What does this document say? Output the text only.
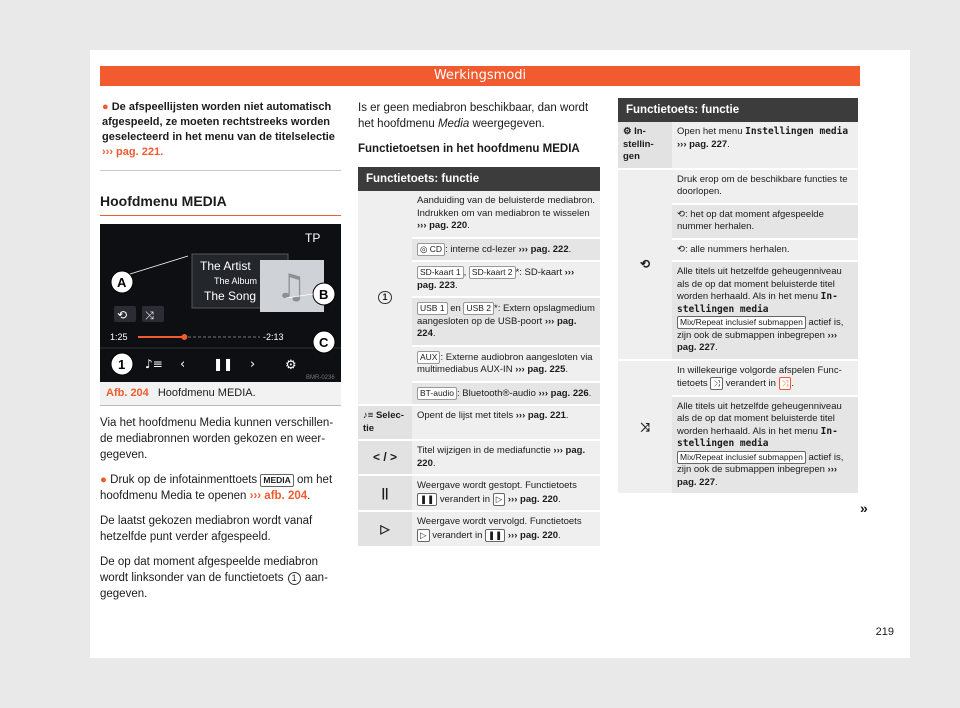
Werkingsmodi
● De afspeellijsten worden niet automatisch afgespeeld, ze moeten rechtstreeks worden geselecteerd in het menu van de titelselectie ››› pag. 221.
Hoofdmenu MEDIA
TP
♫
The Artist
The Album
The Song
⟲ ⤨
1:25	-2:13
♪≡ ‹ ❚❚ › ⚙
A
B
C
1
BMR-0236
Afb. 204 Hoofdmenu MEDIA.

Via het hoofdmenu Media kunnen verschillende mediabronnen worden gekozen en weergegeven.

● Druk op de infotainmenttoets MEDIA om het hoofdmenu Media te openen ››› afb. 204.

De laatst gekozen mediabron wordt vanaf hetzelfde punt verder afgespeeld.

De op dat moment afgespeelde mediabron wordt linksonder van de functietoets 1 aangegeven.

Is er geen mediabron beschikbaar, dan wordt het hoofdmenu Media weergegeven.

Functietoetsen in het hoofdmenu MEDIA

Functietoets: functie
1	Aanduiding van de beluisterde mediabron. Indrukken om van mediabron te wisselen ››› pag. 220.
	◎ CD : interne cd-lezer ››› pag. 222.
	SD-kaart 1 , SD-kaart 2 *: SD-kaart ››› pag. 223.
	USB 1 en USB 2 *: Extern opslagmedium aangesloten op de USB-poort ››› pag. 224.
	AUX : Externe audiobron aangesloten via multimediabus AUX-IN ››› pag. 225.
	BT-audio : Bluetooth®-audio ››› pag. 226.
♪≡ Selectie	Opent de lijst met titels ››› pag. 221.
< / >	Titel wijzigen in de mediafunctie ››› pag. 220.
||	Weergave wordt gestopt. Functietoets ❚❚ verandert in ▷ ››› pag. 220.
▷	Weergave wordt vervolgd. Functietoets ▷ verandert in ❚❚ ››› pag. 220.
Functietoets: functie
⚙ Instellingen	Open het menu Instellingen media ››› pag. 227.
⟲	Druk erop om de beschikbare functies te doorlopen.
	⟲: het op dat moment afgespeelde nummer herhalen.
	⟲: alle nummers herhalen.
	Alle titels uit hetzelfde geheugenniveau als de op dat moment beluisterde titel worden herhaald. Als in het menu Instellingen media Mix/Repeat inclusief submappen actief is, zijn ook de submappen inbegrepen ››› pag. 227.
⤨	In willekeurige volgorde afspelen Functietoets ⤨ verandert in ⤨ .
	Alle titels uit hetzelfde geheugenniveau als de op dat moment beluisterde titel worden herhaald. Als in het menu Instellingen media Mix/Repeat inclusief submappen actief is, zijn ook de submappen inbegrepen ››› pag. 227.
»
219
